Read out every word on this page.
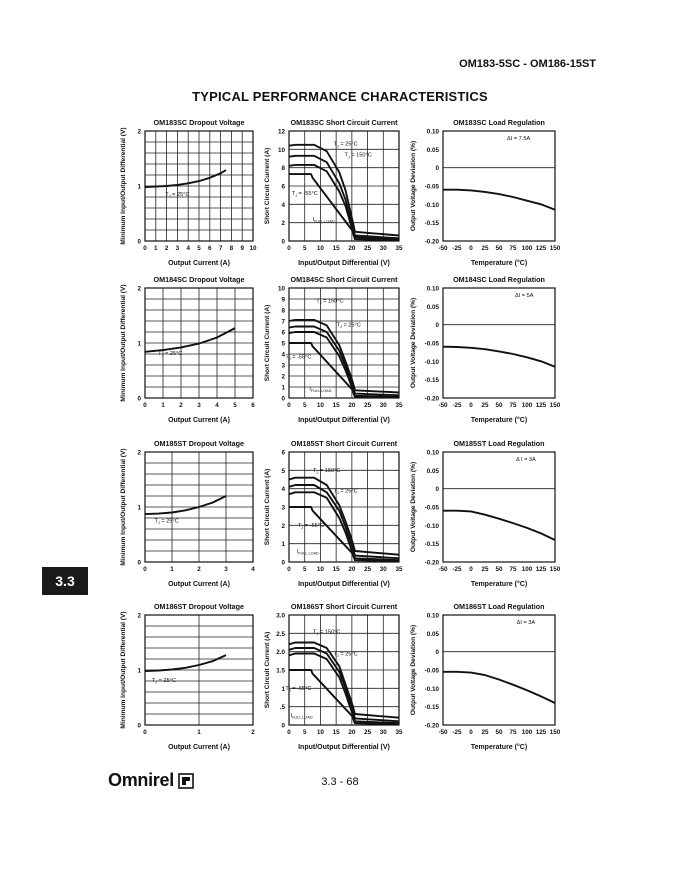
OM183-5SC - OM186-15ST
TYPICAL PERFORMANCE CHARACTERISTICS
3.3
OM183SC Dropout Voltage
0 1 2 3 4 5 6 7 8 9 10
0
1
2
Output Current (A)
Minimum Input/Output Differential (V)	$T_J = 25^\circ C$
OM183SC Short Circuit Current
0 5 10 15 20 25 30 35
0
2
4
6
8
10
12
Input/Output Differential (V)
Short Circuit Current (A)
$T_J = 25^\circ C$
$T_J = 150^\circ C$
$T_J = -55^\circ C$
$I_{FULL LOAD}$
OM183SC Load Regulation
-50 -25 0 25 50 75 100 125 150
-0.20
-0.15
-0.10
-0.05
0
0.05
0.10
Temperature (°C)
Output Voltage Deviation (%)
ΔI = 7.5A
OM184SC Dropout Voltage
0 1 2 3 4 5 6
0
1
2
Output Current (A)
Minimum Input/Output Differential (V)	$T_J = 25^\circ C$
OM184SC Short Circuit Current
0 5 10 15 20 25 30 35
0
1
2
3
4
5
6
7
8
9
10
Input/Output Differential (V)
Short Circuit Current (A)
$T_J = 150^\circ C$
$T_J = 25^\circ C$
$T_J = -55^\circ C$
$I_{FULL LOAD}$
OM184SC Load Regulation
-50 -25 0 25 50 75 100 125 150
-0.20
-0.15
-0.10
-0.05
0
0.05
0.10
Temperature (°C)
Output Voltage Deviation (%)
ΔI = 5A
OM185ST Dropout Voltage
0	1	2	3	4
0
1
2
Output Current (A)
Minimum Input/Output Differential (V)	$T_J = 25^\circ C$
OM185ST Short Circuit Current
0 5 10 15 20 25 30 35
0
1
2
3
4
5
6
Input/Output Differential (V)
Short Circuit Current (A)	$T_J = 150^\circ C$
$T_J = 25^\circ C$
$T_J = -55^\circ C$
$I_{FULL LOAD}$
OM185ST Load Regulation
-50 -25 0 25 50 75 100 125 150
-0.20
-0.15
-0.10
-0.05
0
0.05
0.10
Temperature (°C)
Output Voltage Deviation (%)
Δ I = 3A
OM186ST Dropout Voltage
0	1	2
0
1
2
Output Current (A)
Minimum Input/Output Differential (V)	$T_J = 25^\circ C$
OM186ST Short Circuit Current
0 5 10 15 20 25 30 35
0
.5
1
1.5
2.0
2.5
3.0
Input/Output Differential (V)
Short Circuit Current (A)	$T_J = 150^\circ C$
$T_J = 25^\circ C$
$T_J = -55^\circ C$
$I_{FULL LOAD}$
OM186ST Load Regulation
-50 -25 0 25 50 75 100 125 150
-0.20
-0.15
-0.10
-0.05
0
0.05
0.10
Temperature (°C)
Output Voltage Deviation (%)
ΔI = 3A
Omnirel	3.3 - 68
